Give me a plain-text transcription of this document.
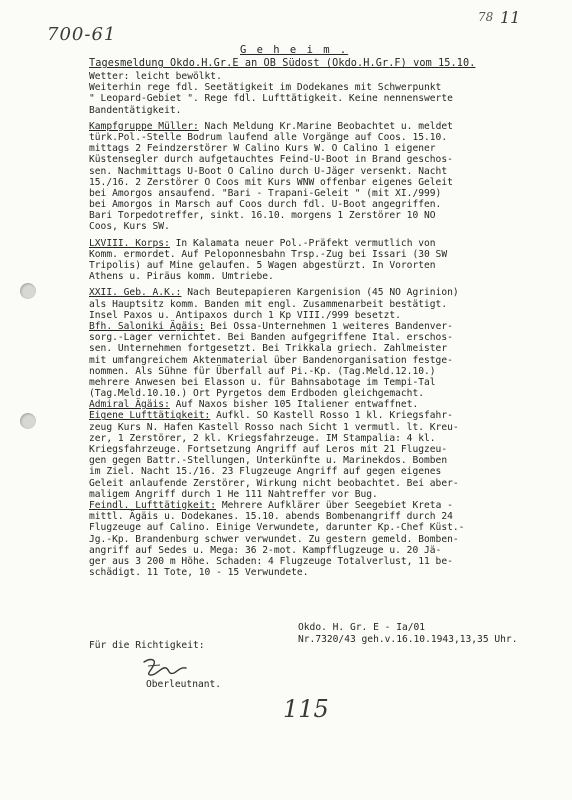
700-61
78 11
G e h e i m .
Tagesmeldung Okdo.H.Gr.E an OB Südost (Okdo.H.Gr.F) vom 15.10.
Wetter: leicht bewölkt.
Weiterhin rege fdl. Seetätigkeit im Dodekanes mit Schwerpunkt
" Leopard-Gebiet ". Rege fdl. Lufttätigkeit. Keine nennenswerte
Bandentätigkeit.
Kampfgruppe Müller: Nach Meldung Kr.Marine Beobachtet u. meldet
türk.Pol.-Stelle Bodrum laufend alle Vorgänge auf Coos. 15.10.
mittags 2 Feindzerstörer W Calino Kurs W. O Calino 1 eigener
Küstensegler durch aufgetauchtes Feind-U-Boot in Brand geschos-
sen. Nachmittags U-Boot O Calino durch U-Jäger versenkt. Nacht
15./16. 2 Zerstörer O Coos mit Kurs WNW offenbar eigenes Geleit
bei Amorgos ansaufend. "Bari - Trapani-Geleit " (mit XI./999)
bei Amorgos in Marsch auf Coos durch fdl. U-Boot angegriffen.
Bari Torpedotreffer, sinkt. 16.10. morgens 1 Zerstörer 10 NO
Coos, Kurs SW.
LXVIII. Korps: In Kalamata neuer Pol.-Präfekt vermutlich von
Komm. ermordet. Auf Peloponnesbahn Trsp.-Zug bei Issari (30 SW
Tripolis) auf Mine gelaufen. 5 Wagen abgestürzt. In Vororten
Athens u. Piräus komm. Umtriebe.
XXII. Geb. A.K.: Nach Beutepapieren Kargenision (45 NO Agrinion)
als Hauptsitz komm. Banden mit engl. Zusammenarbeit bestätigt.
Insel Paxos u. Antipaxos durch 1 Kp VIII./999 besetzt.
Bfh. Saloniki Ägäis: Bei Ossa-Unternehmen 1 weiteres Bandenver-
sorg.-Lager vernichtet. Bei Banden aufgegriffene Ital. erschos-
sen. Unternehmen fortgesetzt. Bei Trikkala griech. Zahlmeister
mit umfangreichem Aktenmaterial über Bandenorganisation festge-
nommen. Als Sühne für Überfall auf Pi.-Kp. (Tag.Meld.12.10.)
mehrere Anwesen bei Elasson u. für Bahnsabotage im Tempi-Tal
(Tag.Meld.10.10.) Ort Pyrgetos dem Erdboden gleichgemacht.
Admiral Ägäis: Auf Naxos bisher 105 Italiener entwaffnet.
Eigene Lufttätigkeit: Aufkl. SO Kastell Rosso 1 kl. Kriegsfahr-
zeug Kurs N. Hafen Kastell Rosso nach Sicht 1 vermutl. lt. Kreu-
zer, 1 Zerstörer, 2 kl. Kriegsfahrzeuge. IM Stampalia: 4 kl.
Kriegsfahrzeuge. Fortsetzung Angriff auf Leros mit 21 Flugzeu-
gen gegen Battr.-Stellungen, Unterkünfte u. Marinekdos. Bomben
im Ziel. Nacht 15./16. 23 Flugzeuge Angriff auf gegen eigenes
Geleit anlaufende Zerstörer, Wirkung nicht beobachtet. Bei aber-
maligem Angriff durch 1 He 111 Nahtreffer vor Bug.
Feindl. Lufttätigkeit: Mehrere Aufklärer über Seegebiet Kreta -
mittl. Ägäis u. Dodekanes. 15.10. abends Bombenangriff durch 24
Flugzeuge auf Calino. Einige Verwundete, darunter Kp.-Chef Küst.-
Jg.-Kp. Brandenburg schwer verwundet. Zu gestern gemeld. Bomben-
angriff auf Sedes u. Mega: 36 2-mot. Kampfflugzeuge u. 20 Jä-
ger aus 3 200 m Höhe. Schaden: 4 Flugzeuge Totalverlust, 11 be-
schädigt. 11 Tote, 10 - 15 Verwundete.
Okdo. H. Gr. E - Ia/01
Nr.7320/43 geh.v.16.10.1943,13,35 Uhr.
Für die Richtigkeit:
Oberleutnant.
115
